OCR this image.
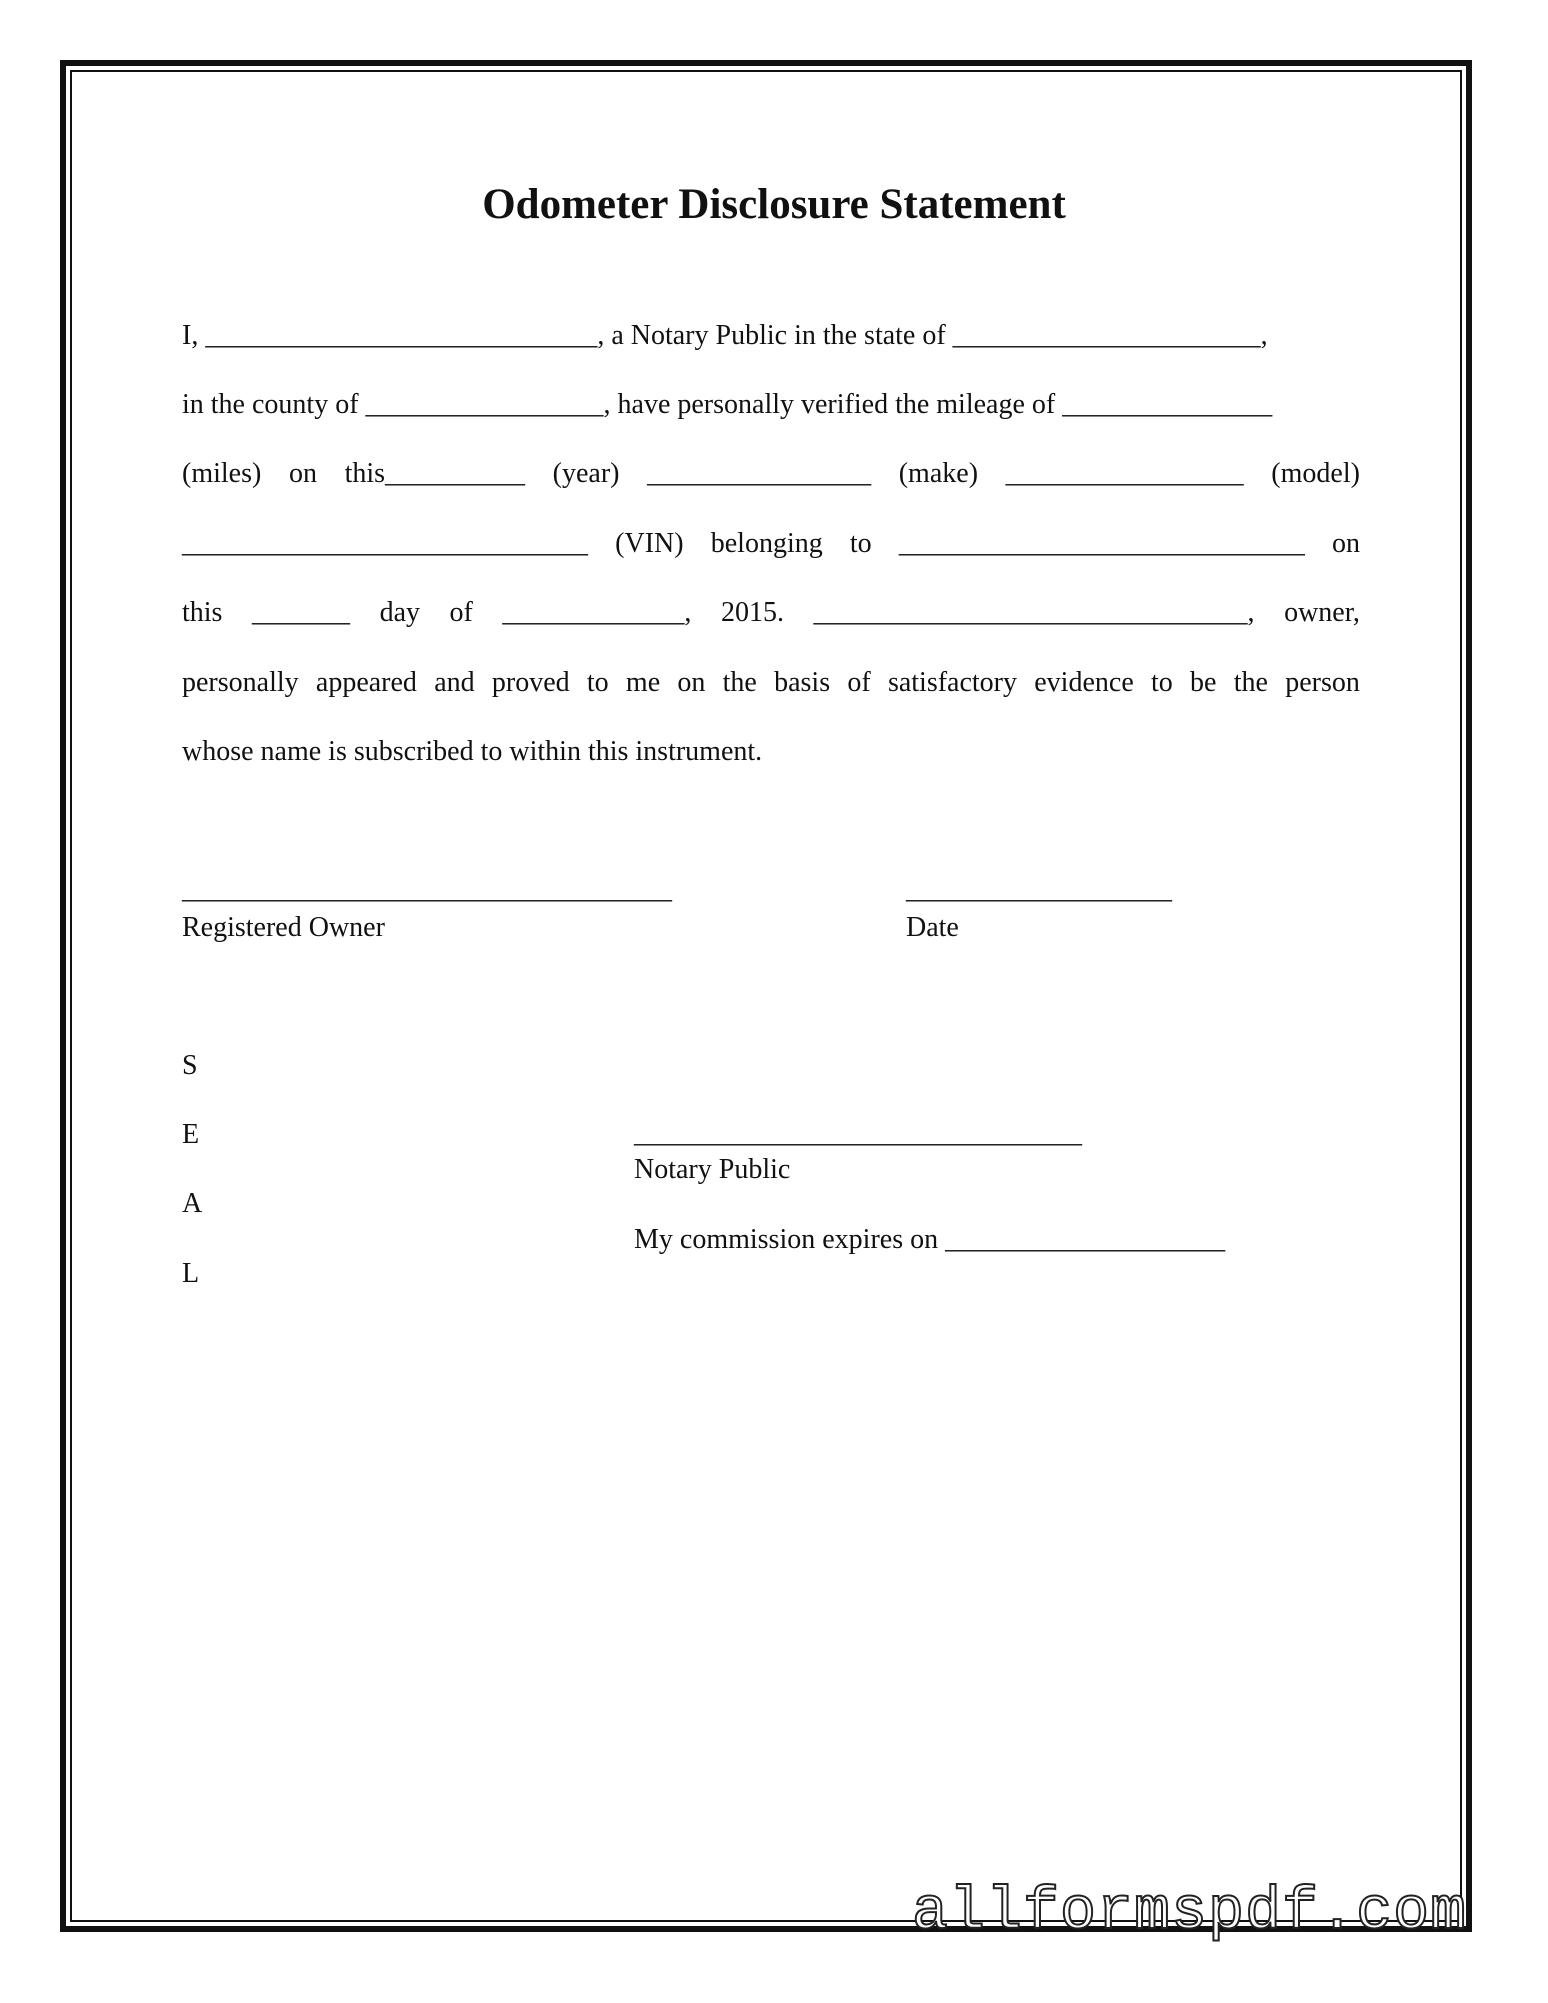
Odometer Disclosure Statement
I, ____________________________, a Notary Public in the state of ______________________,
in the county of _________________, have personally verified the mileage of _______________
(miles) on this__________ (year) ________________ (make) _________________ (model)
_____________________________ (VIN) belonging to _____________________________ on
this _______ day of _____________, 2015. _______________________________, owner,
personally appeared and proved to me on the basis of satisfactory evidence to be the person
whose name is subscribed to within this instrument.
___________________________________
Registered Owner
___________________
Date
S
E
A
L
________________________________
Notary Public
My commission expires on ____________________
allformspdf.com
